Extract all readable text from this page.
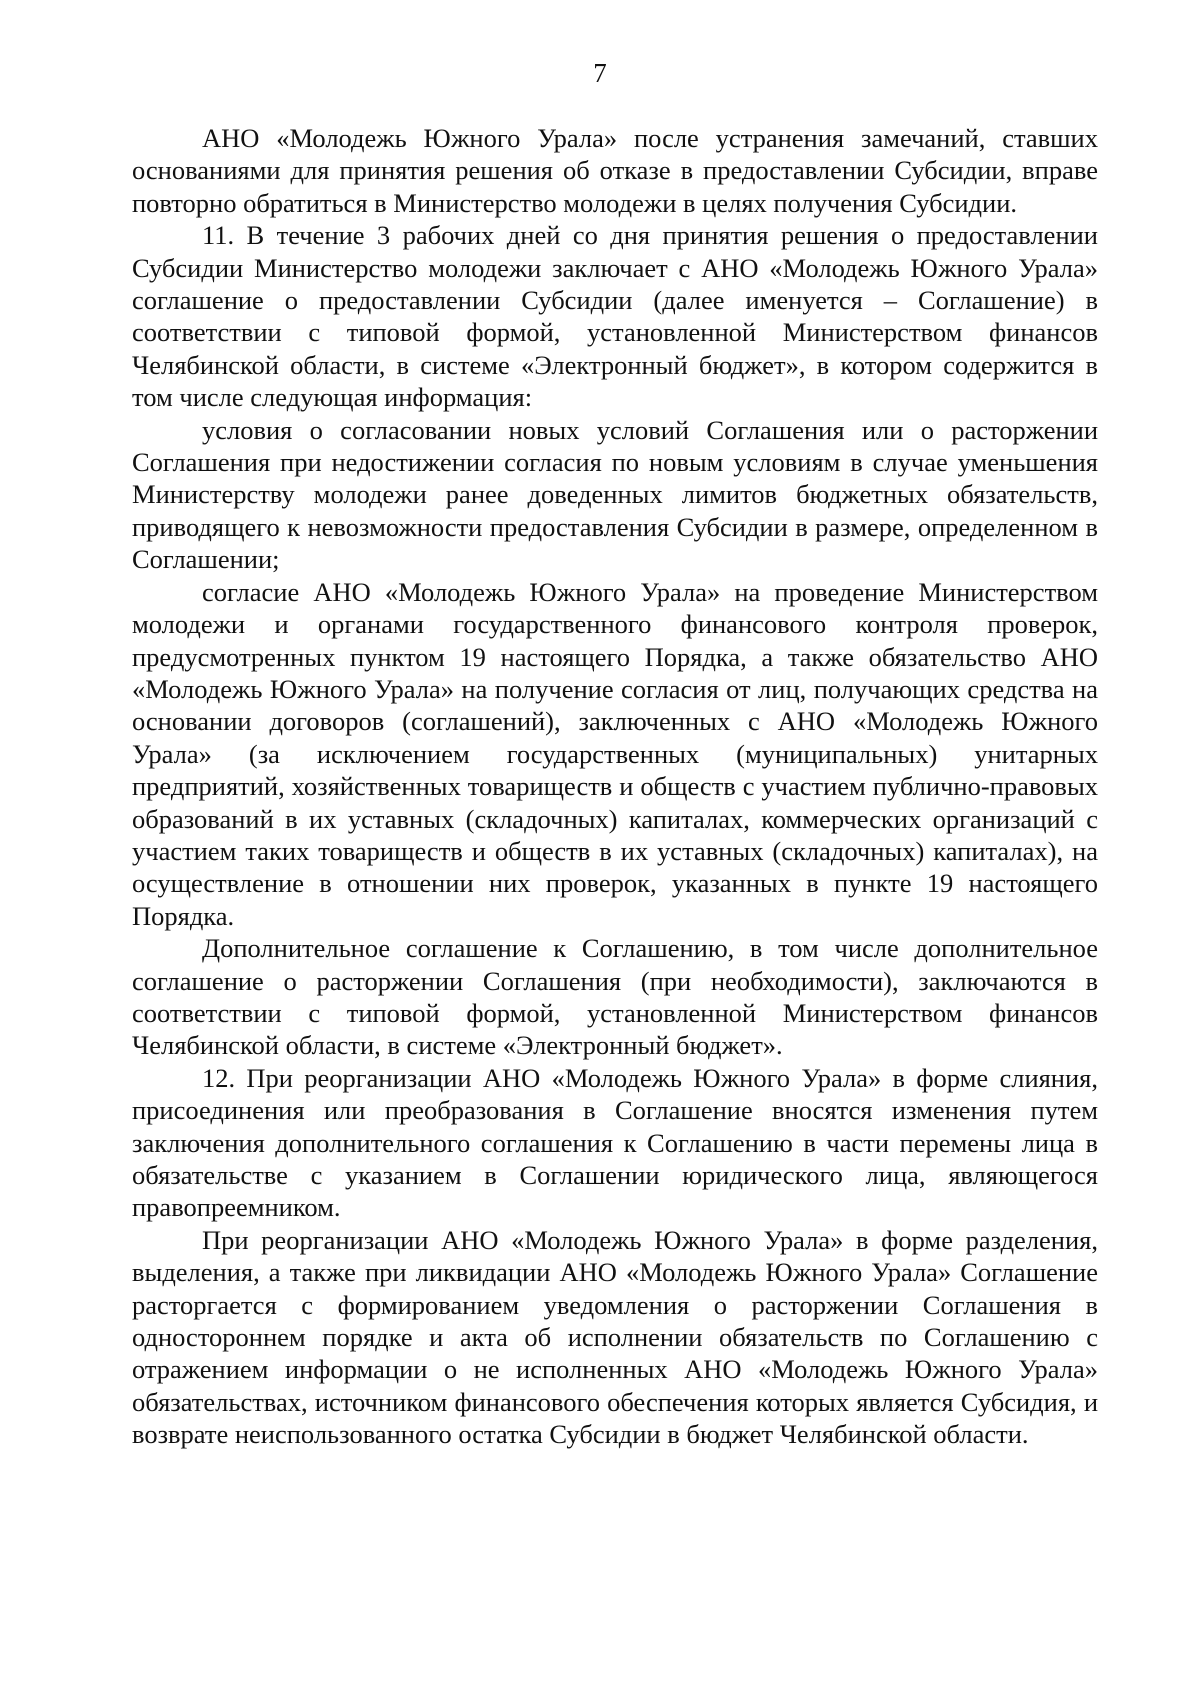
7

АНО «Молодежь Южного Урала» после устранения замечаний, ставших основаниями для принятия решения об отказе в предоставлении Субсидии, вправе повторно обратиться в Министерство молодежи в целях получения Субсидии.

11. В течение 3 рабочих дней со дня принятия решения о предоставлении Субсидии Министерство молодежи заключает с АНО «Молодежь Южного Урала» соглашение о предоставлении Субсидии (далее именуется – Соглашение) в соответствии с типовой формой, установленной Министерством финансов Челябинской области, в системе «Электронный бюджет», в котором содержится в том числе следующая информация:

условия о согласовании новых условий Соглашения или о расторжении Соглашения при недостижении согласия по новым условиям в случае уменьшения Министерству молодежи ранее доведенных лимитов бюджетных обязательств, приводящего к невозможности предоставления Субсидии в размере, определенном в Соглашении;

согласие АНО «Молодежь Южного Урала» на проведение Министерством молодежи и органами государственного финансового контроля проверок, предусмотренных пунктом 19 настоящего Порядка, а также обязательство АНО «Молодежь Южного Урала» на получение согласия от лиц, получающих средства на основании договоров (соглашений), заключенных с АНО «Молодежь Южного Урала» (за исключением государственных (муниципальных) унитарных предприятий, хозяйственных товариществ и обществ с участием публично-правовых образований в их уставных (складочных) капиталах, коммерческих организаций с участием таких товариществ и обществ в их уставных (складочных) капиталах), на осуществление в отношении них проверок, указанных в пункте 19 настоящего Порядка.

Дополнительное соглашение к Соглашению, в том числе дополнительное соглашение о расторжении Соглашения (при необходимости), заключаются в соответствии с типовой формой, установленной Министерством финансов Челябинской области, в системе «Электронный бюджет».

12. При реорганизации АНО «Молодежь Южного Урала» в форме слияния, присоединения или преобразования в Соглашение вносятся изменения путем заключения дополнительного соглашения к Соглашению в части перемены лица в обязательстве с указанием в Соглашении юридического лица, являющегося правопреемником.

При реорганизации АНО «Молодежь Южного Урала» в форме разделения, выделения, а также при ликвидации АНО «Молодежь Южного Урала» Соглашение расторгается с формированием уведомления о расторжении Соглашения в одностороннем порядке и акта об исполнении обязательств по Соглашению с отражением информации о не исполненных АНО «Молодежь Южного Урала» обязательствах, источником финансового обеспечения которых является Субсидия, и возврате неиспользованного остатка Субсидии в бюджет Челябинской области.
